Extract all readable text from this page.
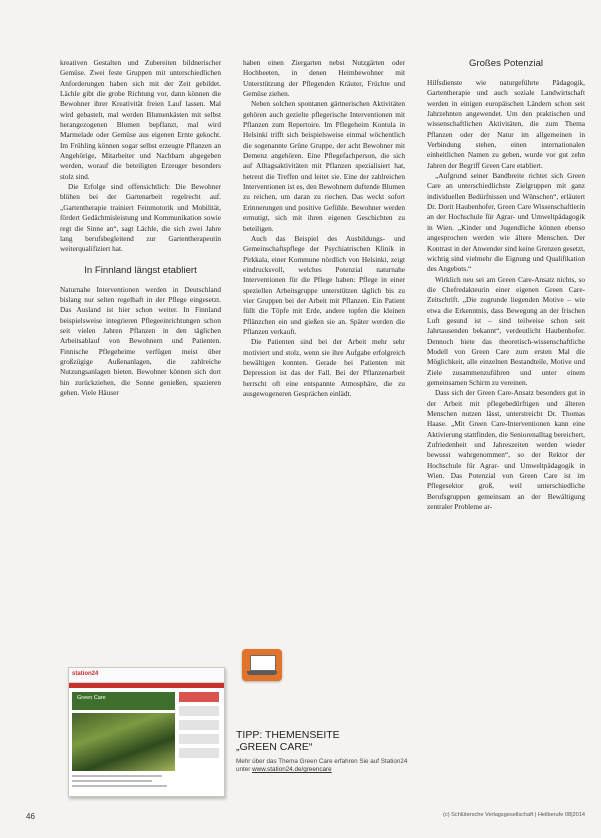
kreativen Gestalten und Zubereiten bildnerischer Gemüse. Zwei feste Gruppen mit unterschiedlichen Anforderungen haben sich mit der Zeit gebildet. Lächle gibt die grobe Richtung vor, dann können die Bewohner ihrer Kreativität freien Lauf lassen. Mal wird gebastelt, mal werden Blumenkästen mit selbst herangezogenen Blumen bepflanzt, mal wird Marmelade oder Gemüse aus eigenen Ernte gekocht. Im Frühling können sogar selbst erzeugte Pflanzen an Angehörige, Mitarbeiter und Nachbarn abgegeben werden, worauf die beteiligten Erzeuger besonders stolz sind.

Die Erfolge sind offensichtlich: Die Bewohner blühen bei der Gartenarbeit regelrecht auf. „Gartentherapie trainiert Feinmotorik und Mobilität, fördert Gedächtnisleistung und Kommunikation sowie regt die Sinne an“, sagt Lächle, die sich zwei Jahre lang berufsbegleitend zur Gartentherapeutin weiterqualifiziert hat.

In Finnland längst etabliert

Naturnahe Interventionen werden in Deutschland bislang nur selten regelhaft in der Pflege eingesetzt. Das Ausland ist hier schon weiter. In Finnland beispielsweise integrieren Pflegeeinrichtungen schon seit vielen Jahren Pflanzen in den täglichen Arbeitsablauf von Bewohnern und Patienten. Finnische Pflegeheime verfügen meist über großzügige Außenanlagen, die zahlreiche Nutzungsanlagen bieten. Bewohner können sich dort hin zurückziehen, die Sonne genießen, spazieren gehen. Viele Häuser

haben einen Ziergarten nebst Nutzgärten oder Hochbeeten, in denen Heimbewohner mit Unterstützung der Pflegenden Kräuter, Früchte und Gemüse ziehen.

Neben solchen spontanen gärtnerischen Aktivitäten gehören auch gezielte pflegerische Interventionen mit Pflanzen zum Repertoire. Im Pflegeheim Kontula in Helsinki trifft sich beispielsweise einmal wöchentlich die sogenannte Grüne Gruppe, der acht Bewohner mit Demenz angehören. Eine Pflegefachperson, die sich auf Alltagsaktivitäten mit Pflanzen spezialisiert hat, betreut die Treffen und leitet sie. Eine der zahlreichen Interventionen ist es, den Bewohnern duftende Blumen zu reichen, um daran zu riechen. Das weckt sofort Erinnerungen und positive Gefühle. Bewohner werden ermutigt, sich mit ihren eigenen Geschichten zu beteiligen.

Auch das Beispiel des Ausbildungs- und Gemeinschaftspflege der Psychiatrischen Klinik in Pirkkala, einer Kommune nördlich von Helsinki, zeigt eindrucksvoll, welches Potenzial naturnahe Interventionen für die Pflege haben: Pflege in einer speziellen Arbeitsgruppe unterstützen täglich bis zu vier Gruppen bei der Arbeit mit Pflanzen. Ein Patient füllt die Töpfe mit Erde, andere topfen die kleinen Pflänzchen ein und gießen sie an. Später werden die Pflanzen verkauft.

Die Patienten sind bei der Arbeit mehr sehr motiviert und stolz, wenn sie ihre Aufgabe erfolgreich bewältigen konnten. Gerade bei Patienten mit Depression ist das der Fall. Bei der Pflanzenarbeit herrscht oft eine entspannte Atmosphäre, die zu ausgewogeneren Gesprächen einlädt.

Großes Potenzial

Hilfsdienste wie naturgeführte Pädagogik, Gartentherapie und auch soziale Landwirtschaft werden in einigen europäischen Ländern schon seit Jahrzehnten angewendet. Um den praktischen und wissenschaftlichen Aktivitäten, die zum Thema Pflanzen oder der Natur im allgemeinen in Verbindung stehen, einen internationalen einheitlichen Namen zu geben, wurde vor gut zehn Jahren der Begriff Green Care etabliert.

„Aufgrund seiner Bandbreite richtet sich Green Care an unterschiedlichste Zielgruppen mit ganz individuellen Bedürfnissen und Wünschen“, erläutert Dr. Dorit Haubenhofer, Green Care Wissenschaftlerin an der Hochschule für Agrar- und Umweltpädagogik in Wien. „Kinder und Jugendliche können ebenso angesprochen werden wie ältere Menschen. Der Kontrast in der Anwender sind keine Grenzen gesetzt, wichtig sind vielmehr die Eignung und Qualifikation des Angebots.“

Wirklich neu sei am Green Care-Ansatz nichts, so die Chefredakteurin einer eigenen Green Care-Zeitschrift. „Die zugrunde liegenden Motive – wie etwa die Erkenntnis, dass Bewegung an der frischen Luft gesund ist – sind teilweise schon seit Jahrtausenden bekannt“, verdeutlicht Haubenhofer. Dennoch biete das theoretisch-wissenschaftliche Modell von Green Care zum ersten Mal die Möglichkeit, alle einzelnen Bestandteile, Motive und Ziele zusammenzuführen und unter einem gemeinsamen Schirm zu vereinen.

Dass sich der Green Care-Ansatz besonders gut in der Arbeit mit pflegebedürftigen und älteren Menschen nutzen lässt, unterstreicht Dr. Thomas Haase. „Mit Green Care-Interventionen kann eine Aktivierung stattfinden, die Seniorenalltag bereichert, Zufriedenheit und Jahreszeiten werden wieder bewusst wahrgenommen“, so der Rektor der Hochschule für Agrar- und Umweltpädagogik in Wien. Das Potenzial von Green Care ist im Pflegesektor groß, weil unterschiedliche Berufsgruppen gemeinsam an der Bewältigung zentraler Probleme ar-

station24
Green Care
TIPP: THEMENSEITE
„GREEN CARE“
Mehr über das Thema Green Care erfahren Sie auf Station24 unter www.station24.de/greencare
46	(c) Schlütersche Verlagsgesellschaft | Heilberufe 08|2014
